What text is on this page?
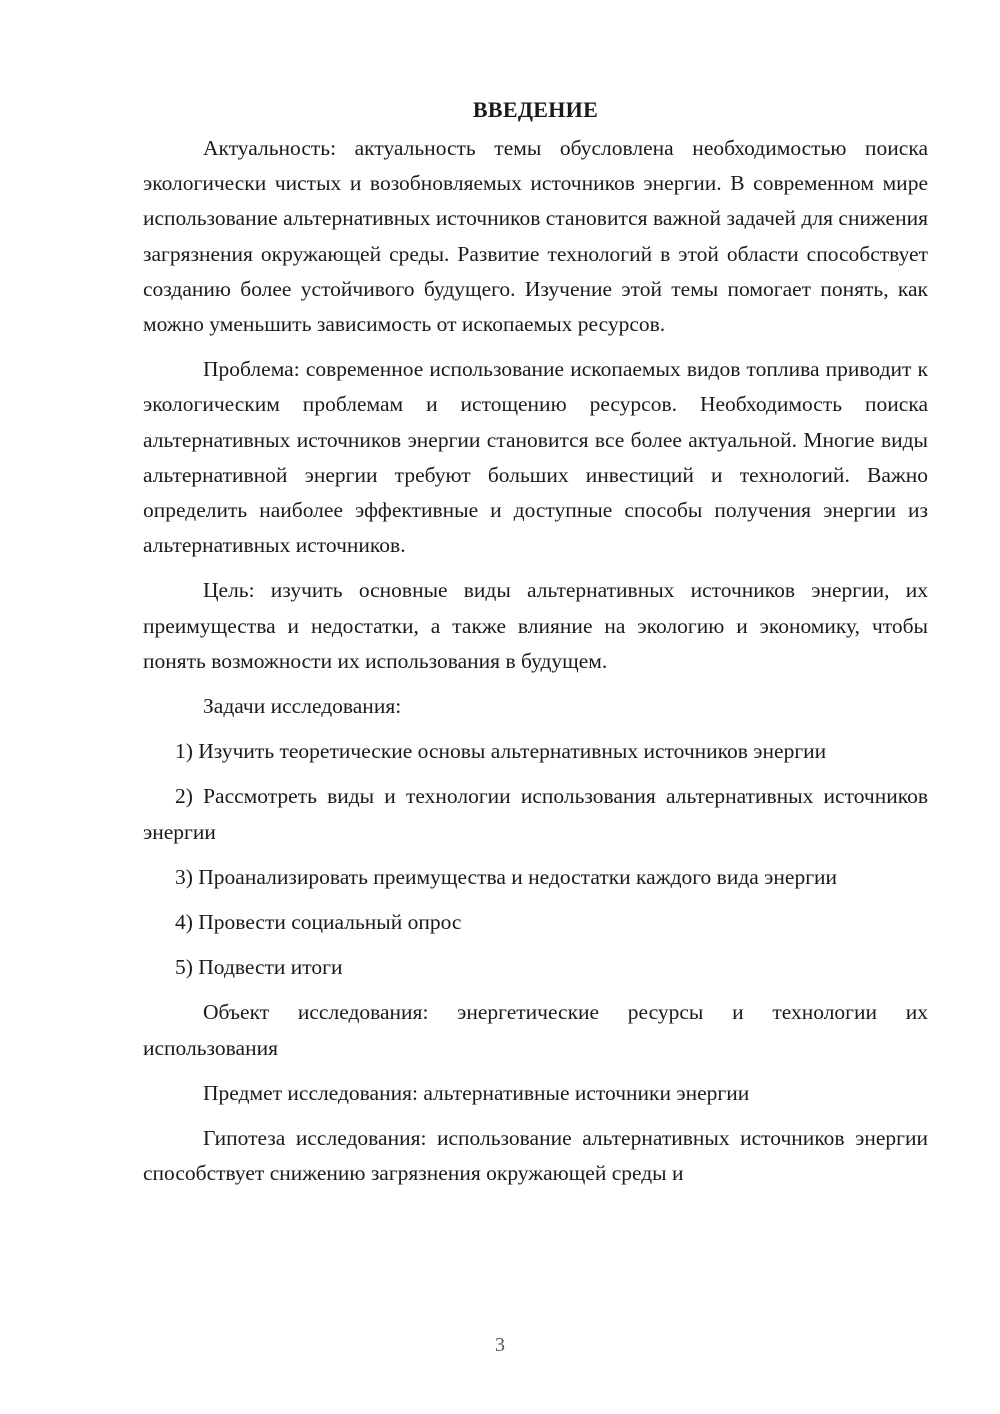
ВВЕДЕНИЕ

Актуальность: актуальность темы обусловлена необходимостью поиска экологически чистых и возобновляемых источников энергии. В современном мире использование альтернативных источников становится важной задачей для снижения загрязнения окружающей среды. Развитие технологий в этой области способствует созданию более устойчивого будущего. Изучение этой темы помогает понять, как можно уменьшить зависимость от ископаемых ресурсов.

Проблема: современное использование ископаемых видов топлива приводит к экологическим проблемам и истощению ресурсов. Необходимость поиска альтернативных источников энергии становится все более актуальной. Многие виды альтернативной энергии требуют больших инвестиций и технологий. Важно определить наиболее эффективные и доступные способы получения энергии из альтернативных источников.

Цель: изучить основные виды альтернативных источников энергии, их преимущества и недостатки, а также влияние на экологию и экономику, чтобы понять возможности их использования в будущем.

Задачи исследования:

1) Изучить теоретические основы альтернативных источников энергии

2) Рассмотреть виды и технологии использования альтернативных источников энергии

3) Проанализировать преимущества и недостатки каждого вида энергии

4) Провести социальный опрос

5) Подвести итоги

Объект исследования: энергетические ресурсы и технологии их использования

Предмет исследования: альтернативные источники энергии

Гипотеза исследования: использование альтернативных источников энергии способствует снижению загрязнения окружающей среды и

3
